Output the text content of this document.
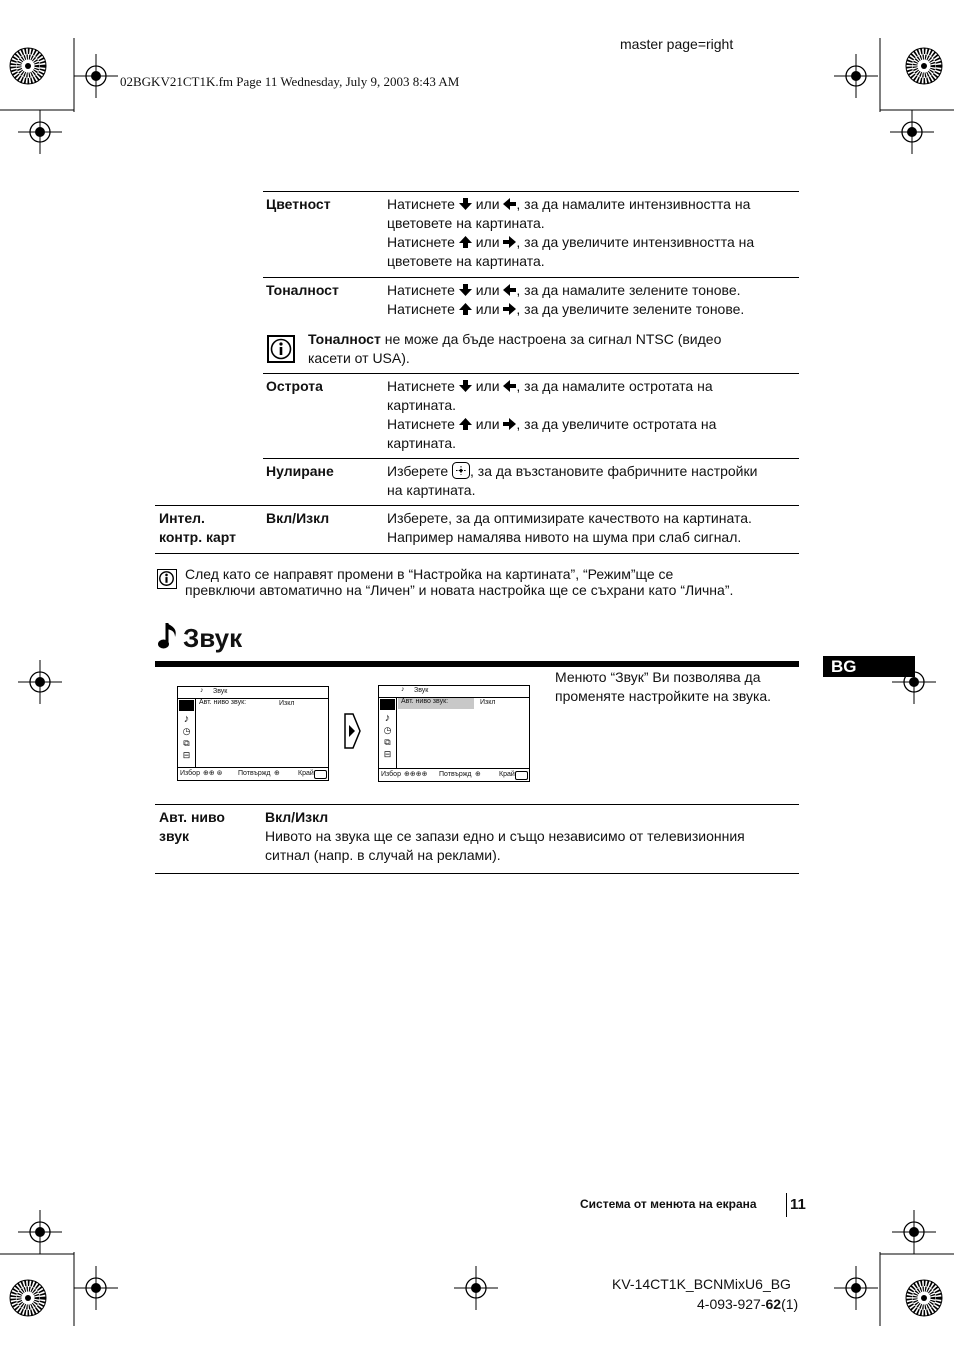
master page=right
02BGKV21CT1K.fm Page 11 Wednesday, July 9, 2003 8:43 AM
Цветност	Натиснете
или
, за да намалите интензивността на
цветовете на картината.
Натиснете
или
, за да увеличите интензивността на
цветовете на картината.
Тоналност	Натиснете
или
, за да намалите зелените тонове.
Натиснете
или
, за да увеличите зелените тонове.
Тоналност не може да бъде настроена за сигнал NTSC (видео
касети от USA).
Острота	Натиснете
или
, за да намалите остротата на
картината.
Натиснете
или
, за да увеличите остротата на
картината.
Нулиране	Изберете
, за да възстановите фабричните настройки
на картината.
Интел.
контр. карт
Вкл/Изкл	Изберете, за да оптимизирате качеството на картината.
Например намалява нивото на шума при слаб сигнал.
След като се направят промени в “Настройка на картината”, “Режим”ще се
превключи автоматично на “Личен” и новата настройка ще се съхрани като “Лична”.
Звук
BG
Менюто “Звук” Ви позволява да
променяте настройките на звука.
♪ Звук
♪
◷
⧉
⊟
Авт. ниво звук:	Изкл
Избор ⊕⊕ ⊛ Потвържд ⊕	Край
♪ Звук
♪
◷
⧉
⊟
Авт. ниво звук:	Изкл
Избор ⊕⊕⊕⊕ Потвържд ⊕	Край
Авт. ниво
звук
Вкл/Изкл
Нивото на звука ще се запази едно и също независимо от телевизионния
ситнал (напр. в случай на реклами).
Система от менюта на екрана 11
KV-14CT1K_BCNMixU6_BG
4-093-927-62(1)
